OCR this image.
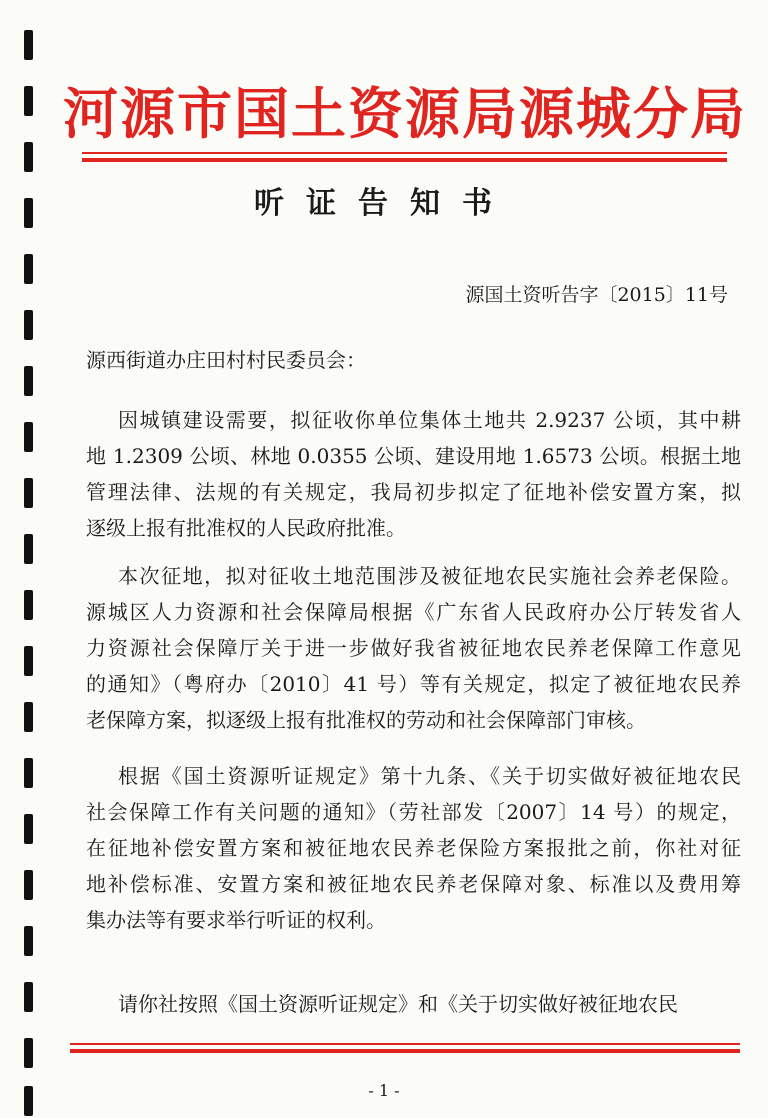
河源市国土资源局源城分局
听证告知书
源国土资听告字〔2015〕11号
源西街道办庄田村村民委员会：
因城镇建设需要，拟征收你单位集体土地共 2.9237 公顷，其中耕
地 1.2309 公顷、林地 0.0355 公顷、建设用地 1.6573 公顷。根据土地
管理法律、法规的有关规定，我局初步拟定了征地补偿安置方案，拟
逐级上报有批准权的人民政府批准。
本次征地，拟对征收土地范围涉及被征地农民实施社会养老保险。
源城区人力资源和社会保障局根据《广东省人民政府办公厅转发省人
力资源社会保障厅关于进一步做好我省被征地农民养老保障工作意见
的通知》（粤府办〔2010〕41 号）等有关规定，拟定了被征地农民养
老保障方案，拟逐级上报有批准权的劳动和社会保障部门审核。
根据《国土资源听证规定》第十九条、《关于切实做好被征地农民
社会保障工作有关问题的通知》（劳社部发〔2007〕14 号）的规定，
在征地补偿安置方案和被征地农民养老保险方案报批之前，你社对征
地补偿标准、安置方案和被征地农民养老保障对象、标准以及费用筹
集办法等有要求举行听证的权利。
请你社按照《国土资源听证规定》和《关于切实做好被征地农民
- 1 -
